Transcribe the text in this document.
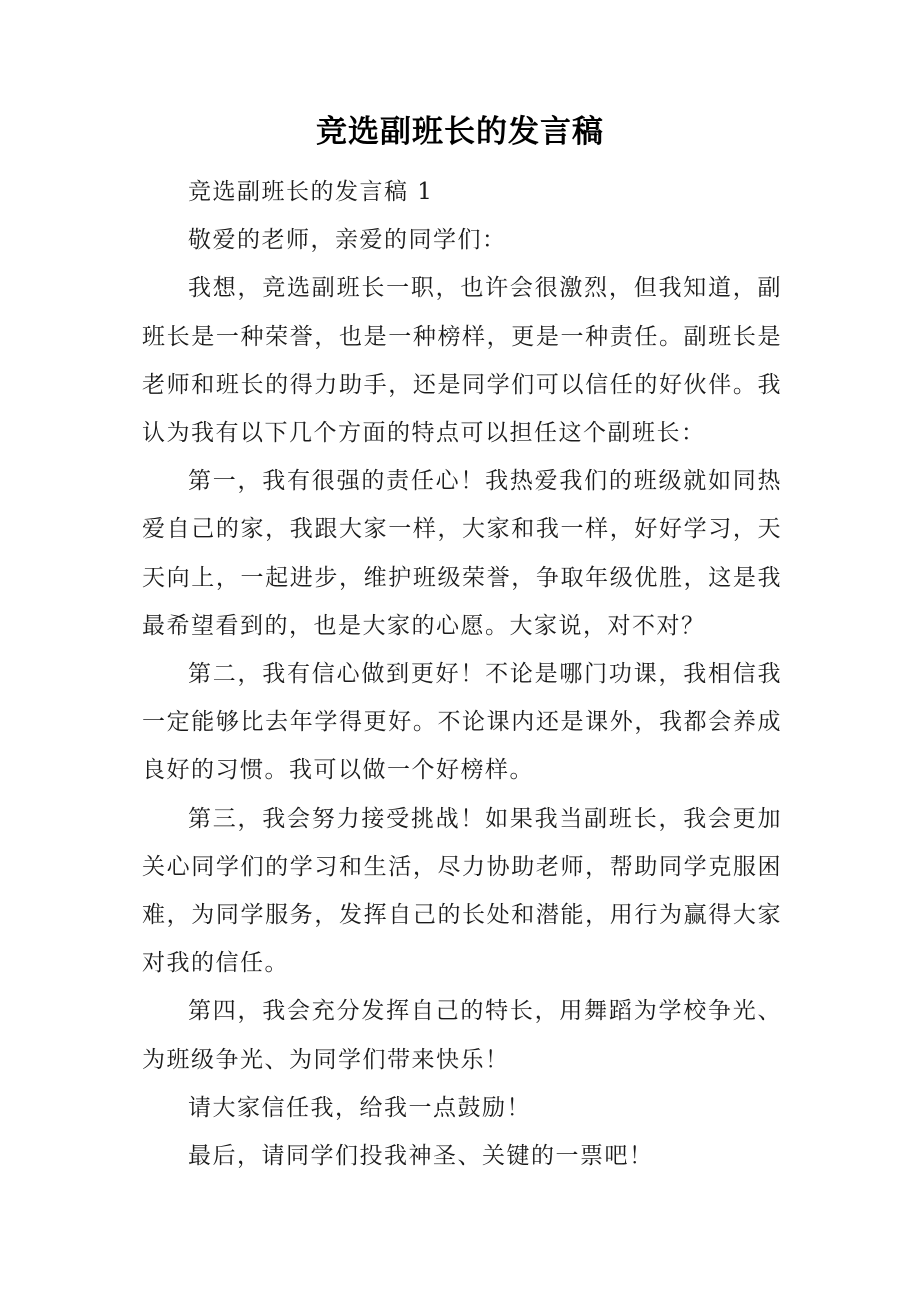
竞选副班长的发言稿

竞选副班长的发言稿 1

敬爱的老师，亲爱的同学们：

我想，竞选副班长一职，也许会很激烈，但我知道，副班长是一种荣誉，也是一种榜样，更是一种责任。副班长是老师和班长的得力助手，还是同学们可以信任的好伙伴。我认为我有以下几个方面的特点可以担任这个副班长：

第一，我有很强的责任心！我热爱我们的班级就如同热爱自己的家，我跟大家一样，大家和我一样，好好学习，天天向上，一起进步，维护班级荣誉，争取年级优胜，这是我最希望看到的，也是大家的心愿。大家说，对不对？

第二，我有信心做到更好！不论是哪门功课，我相信我一定能够比去年学得更好。不论课内还是课外，我都会养成良好的习惯。我可以做一个好榜样。

第三，我会努力接受挑战！如果我当副班长，我会更加关心同学们的学习和生活，尽力协助老师，帮助同学克服困难，为同学服务，发挥自己的长处和潜能，用行为赢得大家对我的信任。

第四，我会充分发挥自己的特长，用舞蹈为学校争光、为班级争光、为同学们带来快乐！

请大家信任我，给我一点鼓励！

最后，请同学们投我神圣、关键的一票吧！
